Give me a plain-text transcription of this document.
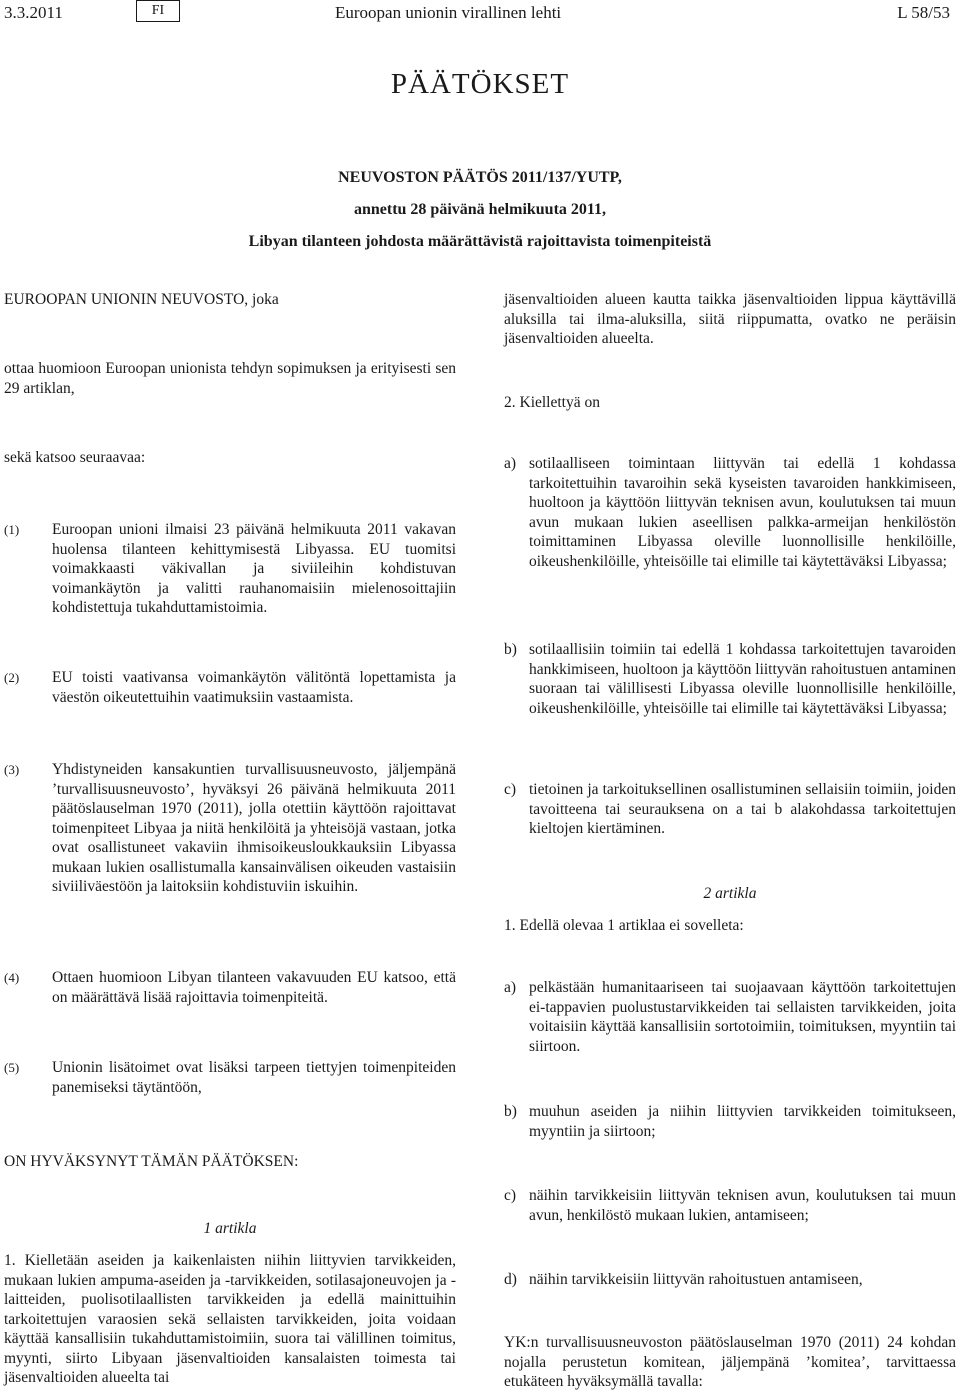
3.3.2011	FI	Euroopan unionin virallinen lehti	L 58/53
PÄÄTÖKSET
NEUVOSTON PÄÄTÖS 2011/137/YUTP,
annettu 28 päivänä helmikuuta 2011,
Libyan tilanteen johdosta määrättävistä rajoittavista toimenpiteistä

EUROOPAN UNIONIN NEUVOSTO, joka

ottaa huomioon Euroopan unionista tehdyn sopimuksen ja erityisesti sen 29 artiklan,

sekä katsoo seuraavaa:

(1) Euroopan unioni ilmaisi 23 päivänä helmikuuta 2011 vakavan huolensa tilanteen kehittymisestä Libyassa. EU tuomitsi voimakkaasti väkivallan ja siviileihin kohdistuvan voimankäytön ja valitti rauhanomaisiin mielenosoittajiin kohdistettuja tukahduttamistoimia.
(2) EU toisti vaativansa voimankäytön välitöntä lopettamista ja väestön oikeutettuihin vaatimuksiin vastaamista.
(3) Yhdistyneiden kansakuntien turvallisuusneuvosto, jäljempänä ’turvallisuusneuvosto’, hyväksyi 26 päivänä helmikuuta 2011 päätöslauselman 1970 (2011), jolla otettiin käyttöön rajoittavat toimenpiteet Libyaa ja niitä henkilöitä ja yhteisöjä vastaan, jotka ovat osallistuneet vakaviin ihmisoikeusloukkauksiin Libyassa mukaan lukien osallistumalla kansainvälisen oikeuden vastaisiin siviiliväestöön ja laitoksiin kohdistuviin iskuihin.
(4) Ottaen huomioon Libyan tilanteen vakavuuden EU katsoo, että on määrättävä lisää rajoittavia toimenpiteitä.
(5) Unionin lisätoimet ovat lisäksi tarpeen tiettyjen toimenpiteiden panemiseksi täytäntöön,

ON HYVÄKSYNYT TÄMÄN PÄÄTÖKSEN:

1 artikla

1. Kielletään aseiden ja kaikenlaisten niihin liittyvien tarvikkeiden, mukaan lukien ampuma-aseiden ja -tarvikkeiden, sotilasajoneuvojen ja -laitteiden, puolisotilaallisten tarvikkeiden ja edellä mainittuihin tarkoitettujen varaosien sekä sellaisten tarvikkeiden, joita voidaan käyttää kansallisiin tukahduttamistoimiin, suora tai välillinen toimitus, myynti, siirto Libyaan jäsenvaltioiden kansalaisten toimesta tai jäsenvaltioiden alueelta tai

jäsenvaltioiden alueen kautta taikka jäsenvaltioiden lippua käyttävillä aluksilla tai ilma-aluksilla, siitä riippumatta, ovatko ne peräisin jäsenvaltioiden alueelta.

2. Kiellettyä on

a) sotilaalliseen toimintaan liittyvän tai edellä 1 kohdassa tarkoitettuihin tavaroihin sekä kyseisten tavaroiden hankkimiseen, huoltoon ja käyttöön liittyvän teknisen avun, koulutuksen tai muun avun mukaan lukien aseellisen palkka-armeijan henkilöstön toimittaminen Libyassa oleville luonnollisille henkilöille, oikeushenkilöille, yhteisöille tai elimille tai käytettäväksi Libyassa;
b) sotilaallisiin toimiin tai edellä 1 kohdassa tarkoitettujen tavaroiden hankkimiseen, huoltoon ja käyttöön liittyvän rahoitustuen antaminen suoraan tai välillisesti Libyassa oleville luonnollisille henkilöille, oikeushenkilöille, yhteisöille tai elimille tai käytettäväksi Libyassa;
c) tietoinen ja tarkoituksellinen osallistuminen sellaisiin toimiin, joiden tavoitteena tai seurauksena on a tai b alakohdassa tarkoitettujen kieltojen kiertäminen.
2 artikla

1. Edellä olevaa 1 artiklaa ei sovelleta:

a) pelkästään humanitaariseen tai suojaavaan käyttöön tarkoitettujen ei-tappavien puolustustarvikkeiden tai sellaisten tarvikkeiden, joita voitaisiin käyttää kansallisiin sortotoimiin, toimituksen, myyntiin tai siirtoon.
b) muuhun aseiden ja niihin liittyvien tarvikkeiden toimitukseen, myyntiin ja siirtoon;
c) näihin tarvikkeisiin liittyvän teknisen avun, koulutuksen tai muun avun, henkilöstö mukaan lukien, antamiseen;
d) näihin tarvikkeisiin liittyvän rahoitustuen antamiseen,

YK:n turvallisuusneuvoston päätöslauselman 1970 (2011) 24 kohdan nojalla perustetun komitean, jäljempänä ’komitea’, tarvittaessa etukäteen hyväksymällä tavalla:
